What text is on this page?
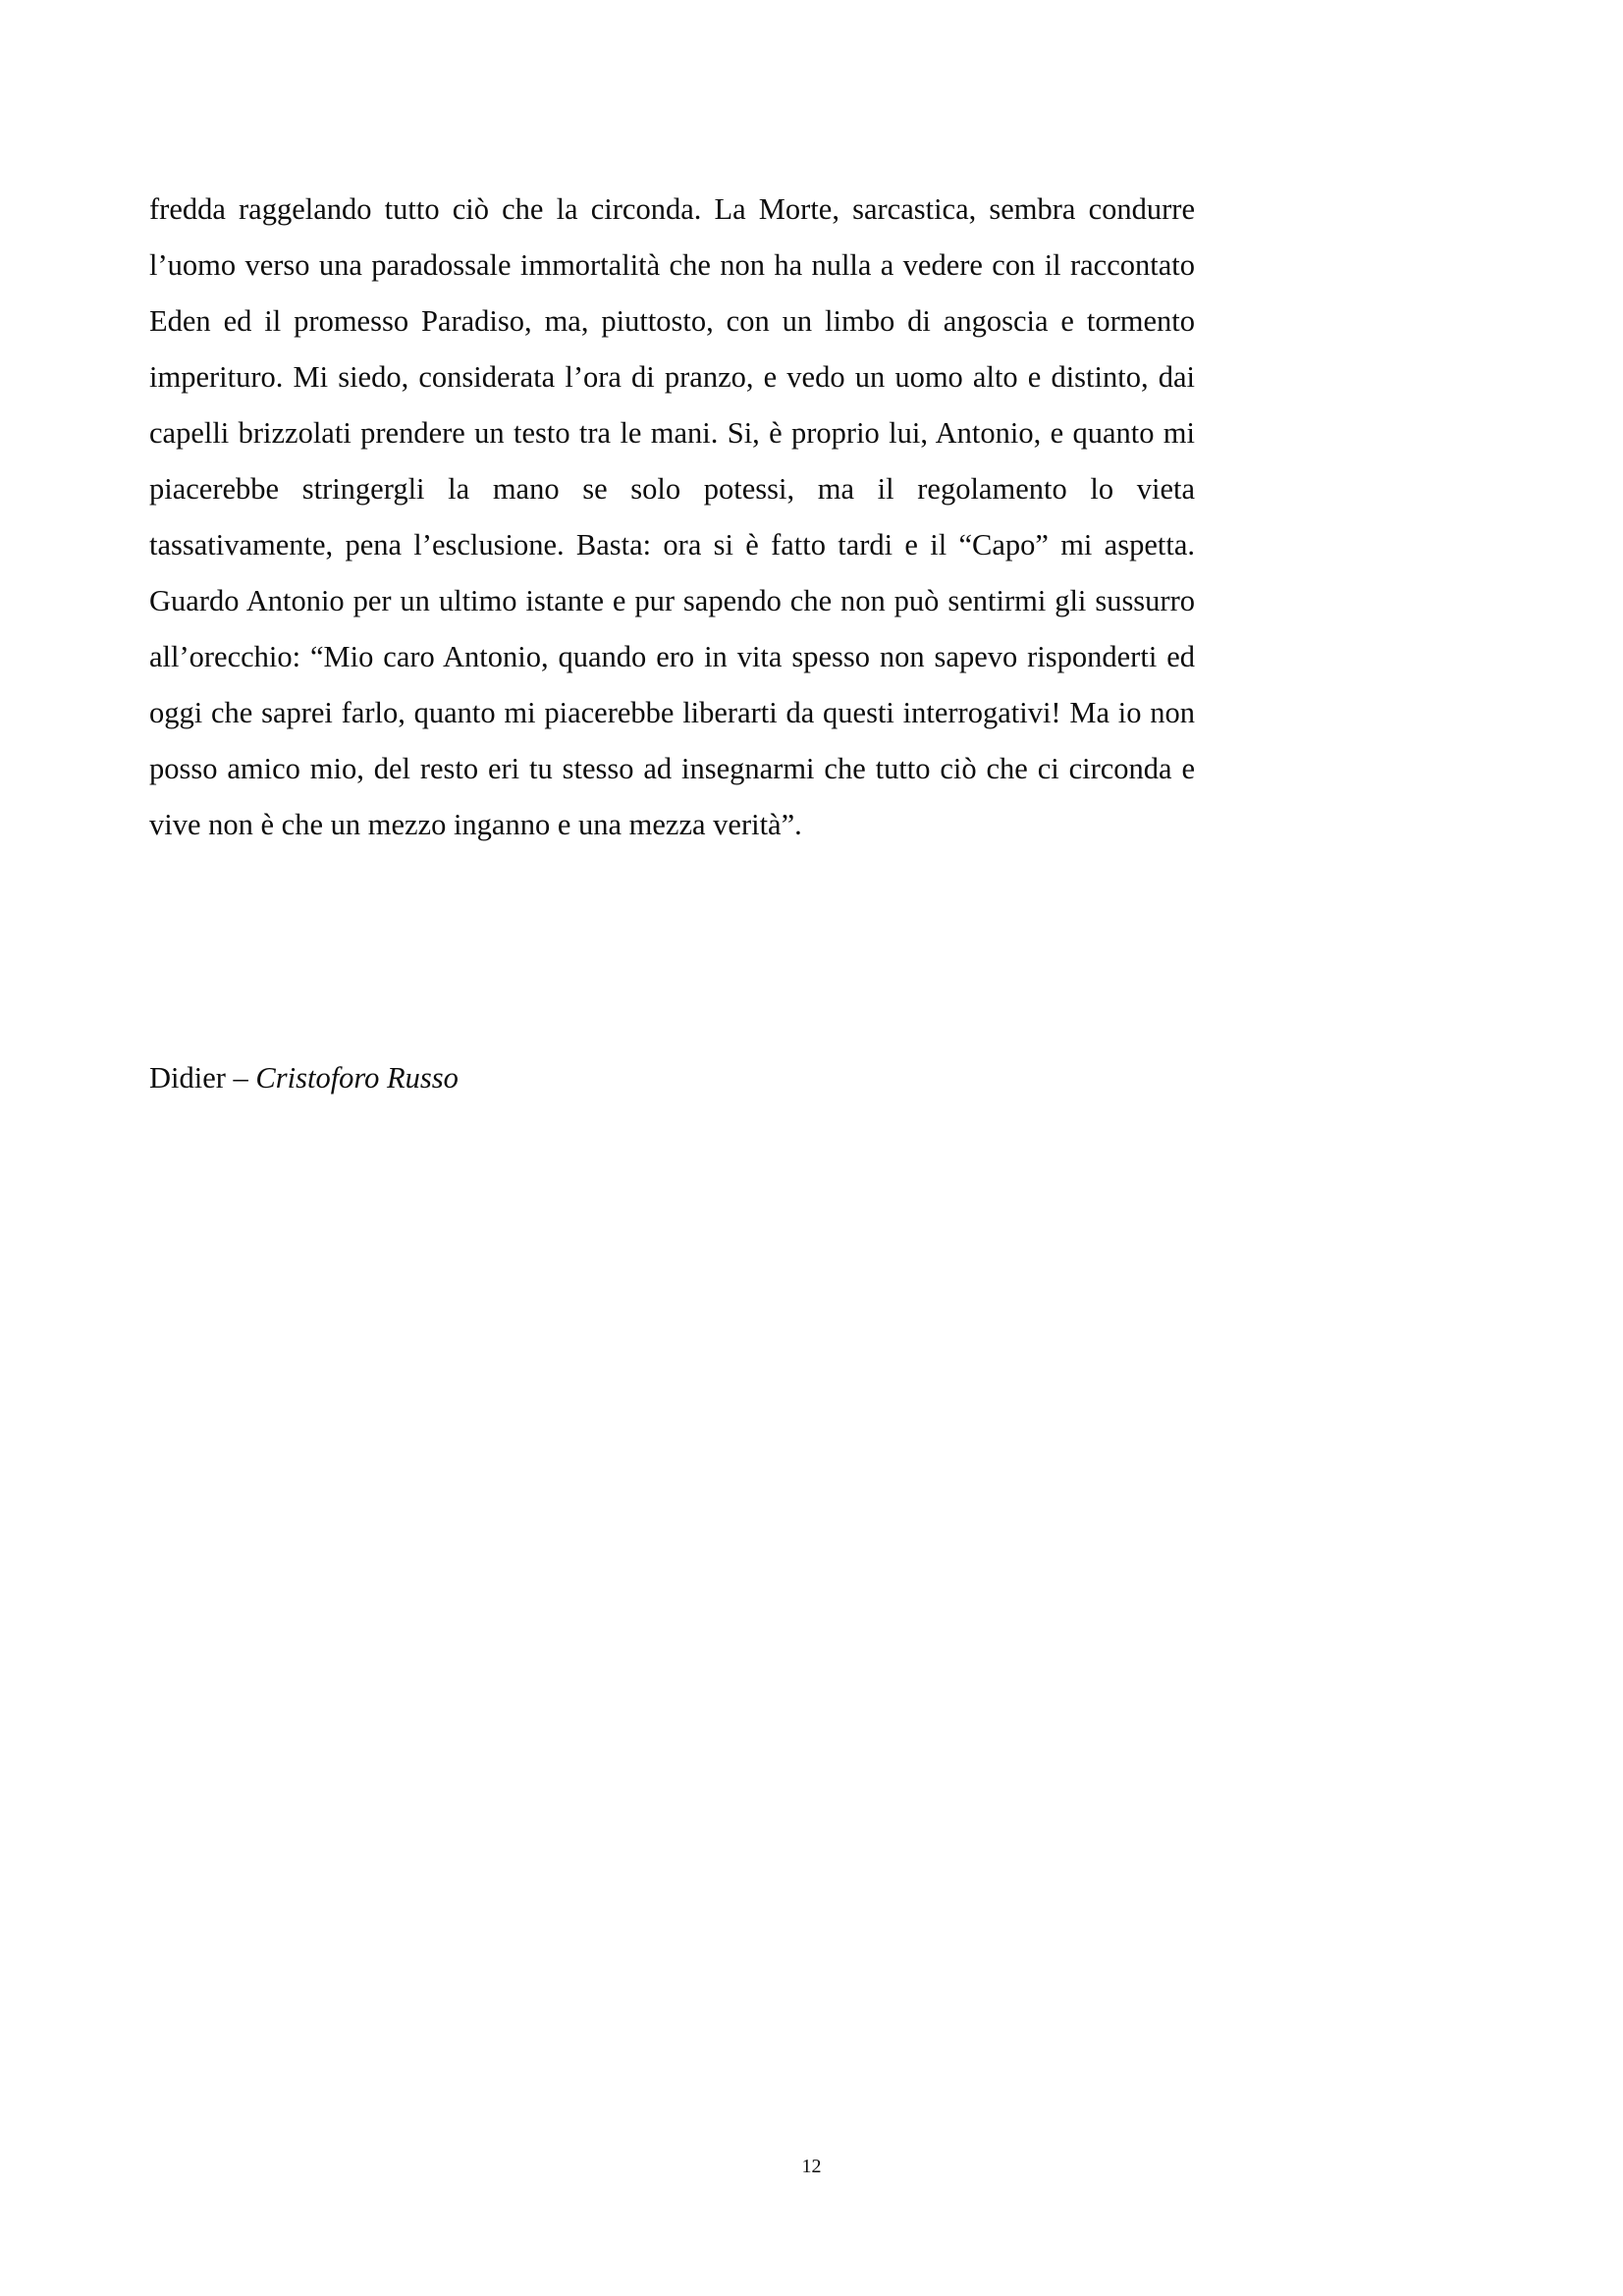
fredda raggelando tutto ciò che la circonda. La Morte, sarcastica, sembra condurre l’uomo verso una paradossale immortalità che non ha nulla a vedere con il raccontato Eden ed il promesso Paradiso, ma, piuttosto, con un limbo di angoscia e tormento imperituro. Mi siedo, considerata l’ora di pranzo, e vedo un uomo alto e distinto, dai capelli brizzolati prendere un testo tra le mani. Si, è proprio lui, Antonio, e quanto mi piacerebbe stringergli la mano se solo potessi, ma il regolamento lo vieta tassativamente, pena l’esclusione. Basta: ora si è fatto tardi e il “Capo” mi aspetta. Guardo Antonio per un ultimo istante e pur sapendo che non può sentirmi gli sussurro all’orecchio: “Mio caro Antonio, quando ero in vita spesso non sapevo risponderti ed oggi che saprei farlo, quanto mi piacerebbe liberarti da questi interrogativi! Ma io non posso amico mio, del resto eri tu stesso ad insegnarmi che tutto ciò che ci circonda e vive non è che un mezzo inganno e una mezza verità”.

Didier – Cristoforo Russo
12
